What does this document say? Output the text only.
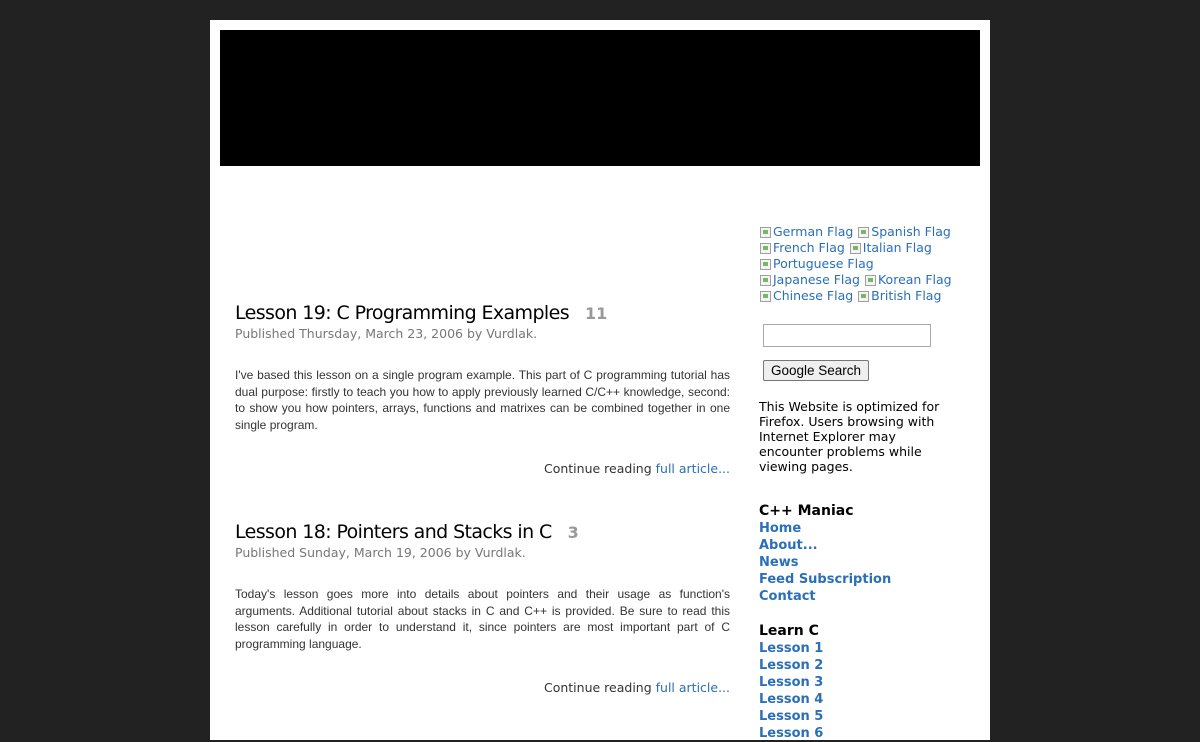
Lesson 19: C Programming Examples 11
Published Thursday, March 23, 2006 by Vurdlak.
I've based this lesson on a single program example. This part of C programming tutorial has dual purpose: firstly to teach you how to apply previously learned C/C++ knowledge, second: to show you how pointers, arrays, functions and matrixes can be combined together in one single program.
Continue reading full article...
Lesson 18: Pointers and Stacks in C 3
Published Sunday, March 19, 2006 by Vurdlak.
Today's lesson goes more into details about pointers and their usage as function's arguments. Additional tutorial about stacks in C and C++ is provided. Be sure to read this lesson carefully in order to understand it, since pointers are most important part of C programming language.
Continue reading full article...
German Flag Spanish Flag
French Flag Italian Flag
Portuguese Flag
Japanese Flag Korean Flag
Chinese Flag British Flag
Google Search
This Website is optimized for Firefox. Users browsing with Internet Explorer may encounter problems while viewing pages.
C++ Maniac
Home
About...
News
Feed Subscription
Contact
Learn C
Lesson 1
Lesson 2
Lesson 3
Lesson 4
Lesson 5
Lesson 6
